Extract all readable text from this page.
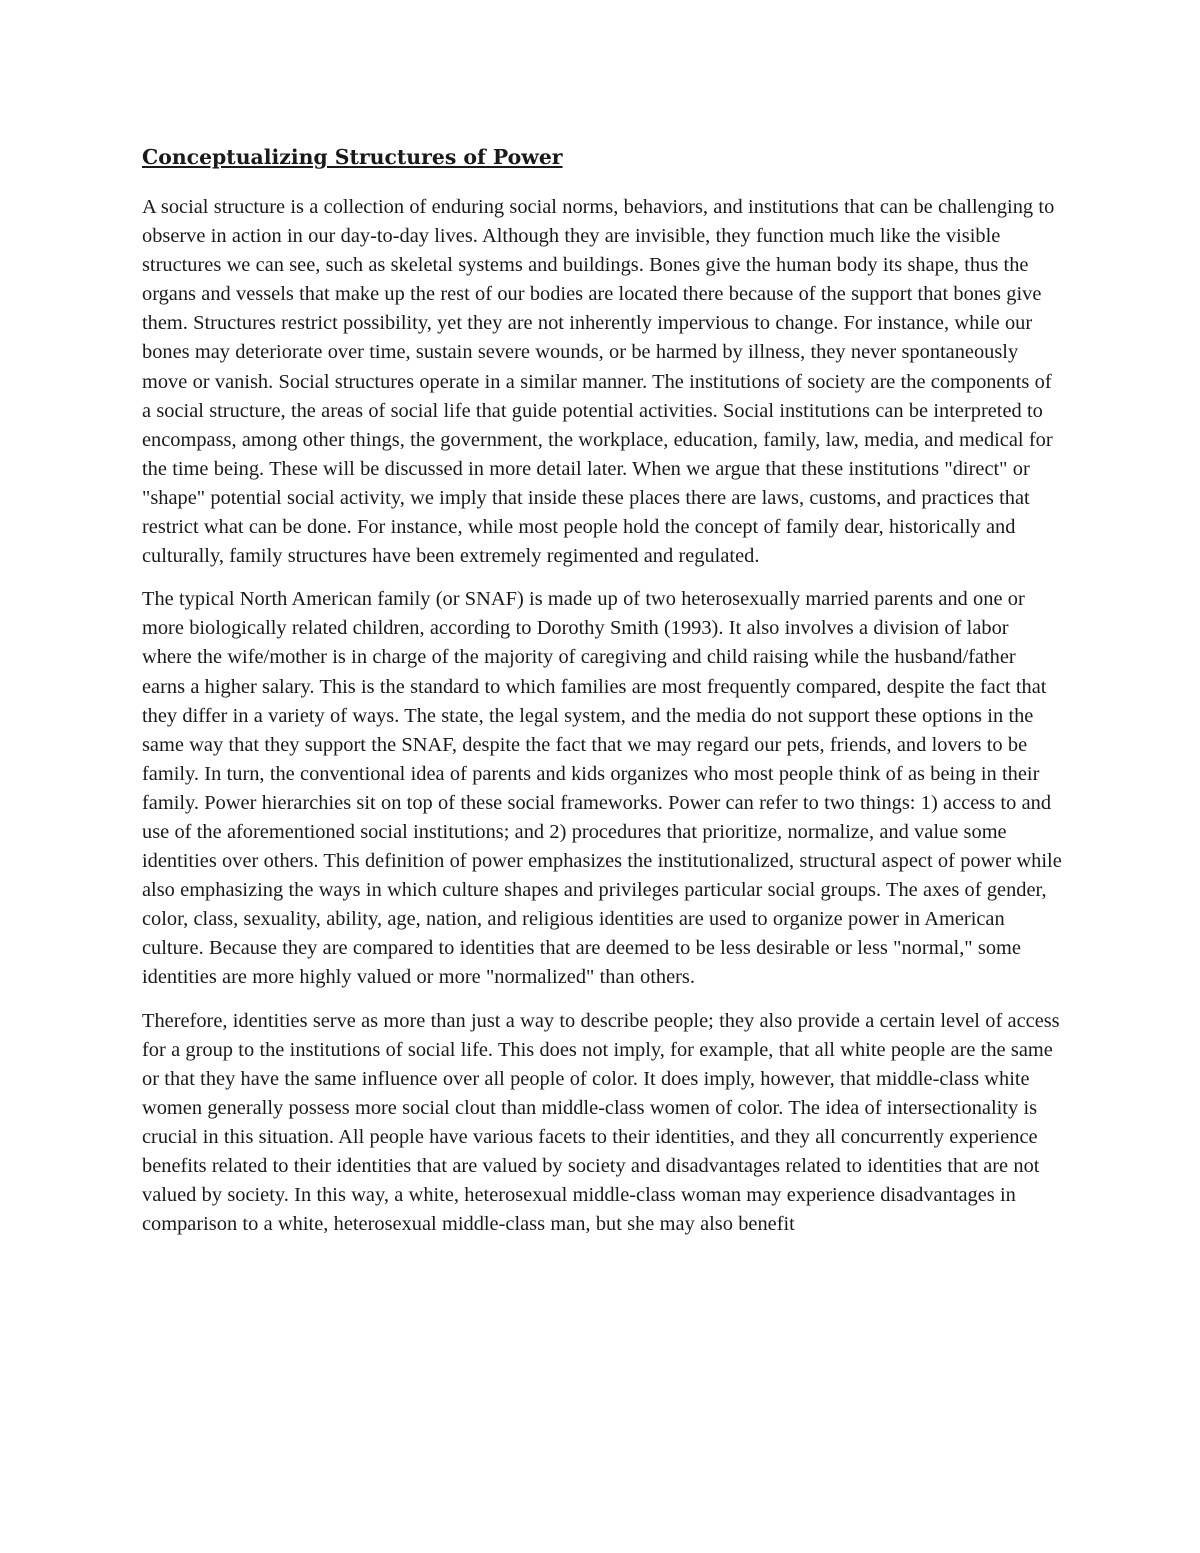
Conceptualizing Structures of Power

A social structure is a collection of enduring social norms, behaviors, and institutions that can be challenging to observe in action in our day-to-day lives. Although they are invisible, they function much like the visible structures we can see, such as skeletal systems and buildings. Bones give the human body its shape, thus the organs and vessels that make up the rest of our bodies are located there because of the support that bones give them. Structures restrict possibility, yet they are not inherently impervious to change. For instance, while our bones may deteriorate over time, sustain severe wounds, or be harmed by illness, they never spontaneously move or vanish. Social structures operate in a similar manner. The institutions of society are the components of a social structure, the areas of social life that guide potential activities. Social institutions can be interpreted to encompass, among other things, the government, the workplace, education, family, law, media, and medical for the time being. These will be discussed in more detail later. When we argue that these institutions "direct" or "shape" potential social activity, we imply that inside these places there are laws, customs, and practices that restrict what can be done. For instance, while most people hold the concept of family dear, historically and culturally, family structures have been extremely regimented and regulated.

The typical North American family (or SNAF) is made up of two heterosexually married parents and one or more biologically related children, according to Dorothy Smith (1993). It also involves a division of labor where the wife/mother is in charge of the majority of caregiving and child raising while the husband/father earns a higher salary. This is the standard to which families are most frequently compared, despite the fact that they differ in a variety of ways. The state, the legal system, and the media do not support these options in the same way that they support the SNAF, despite the fact that we may regard our pets, friends, and lovers to be family. In turn, the conventional idea of parents and kids organizes who most people think of as being in their family. Power hierarchies sit on top of these social frameworks. Power can refer to two things: 1) access to and use of the aforementioned social institutions; and 2) procedures that prioritize, normalize, and value some identities over others. This definition of power emphasizes the institutionalized, structural aspect of power while also emphasizing the ways in which culture shapes and privileges particular social groups. The axes of gender, color, class, sexuality, ability, age, nation, and religious identities are used to organize power in American culture. Because they are compared to identities that are deemed to be less desirable or less "normal," some identities are more highly valued or more "normalized" than others.

Therefore, identities serve as more than just a way to describe people; they also provide a certain level of access for a group to the institutions of social life. This does not imply, for example, that all white people are the same or that they have the same influence over all people of color. It does imply, however, that middle-class white women generally possess more social clout than middle-class women of color. The idea of intersectionality is crucial in this situation. All people have various facets to their identities, and they all concurrently experience benefits related to their identities that are valued by society and disadvantages related to identities that are not valued by society. In this way, a white, heterosexual middle-class woman may experience disadvantages in comparison to a white, heterosexual middle-class man, but she may also benefit
